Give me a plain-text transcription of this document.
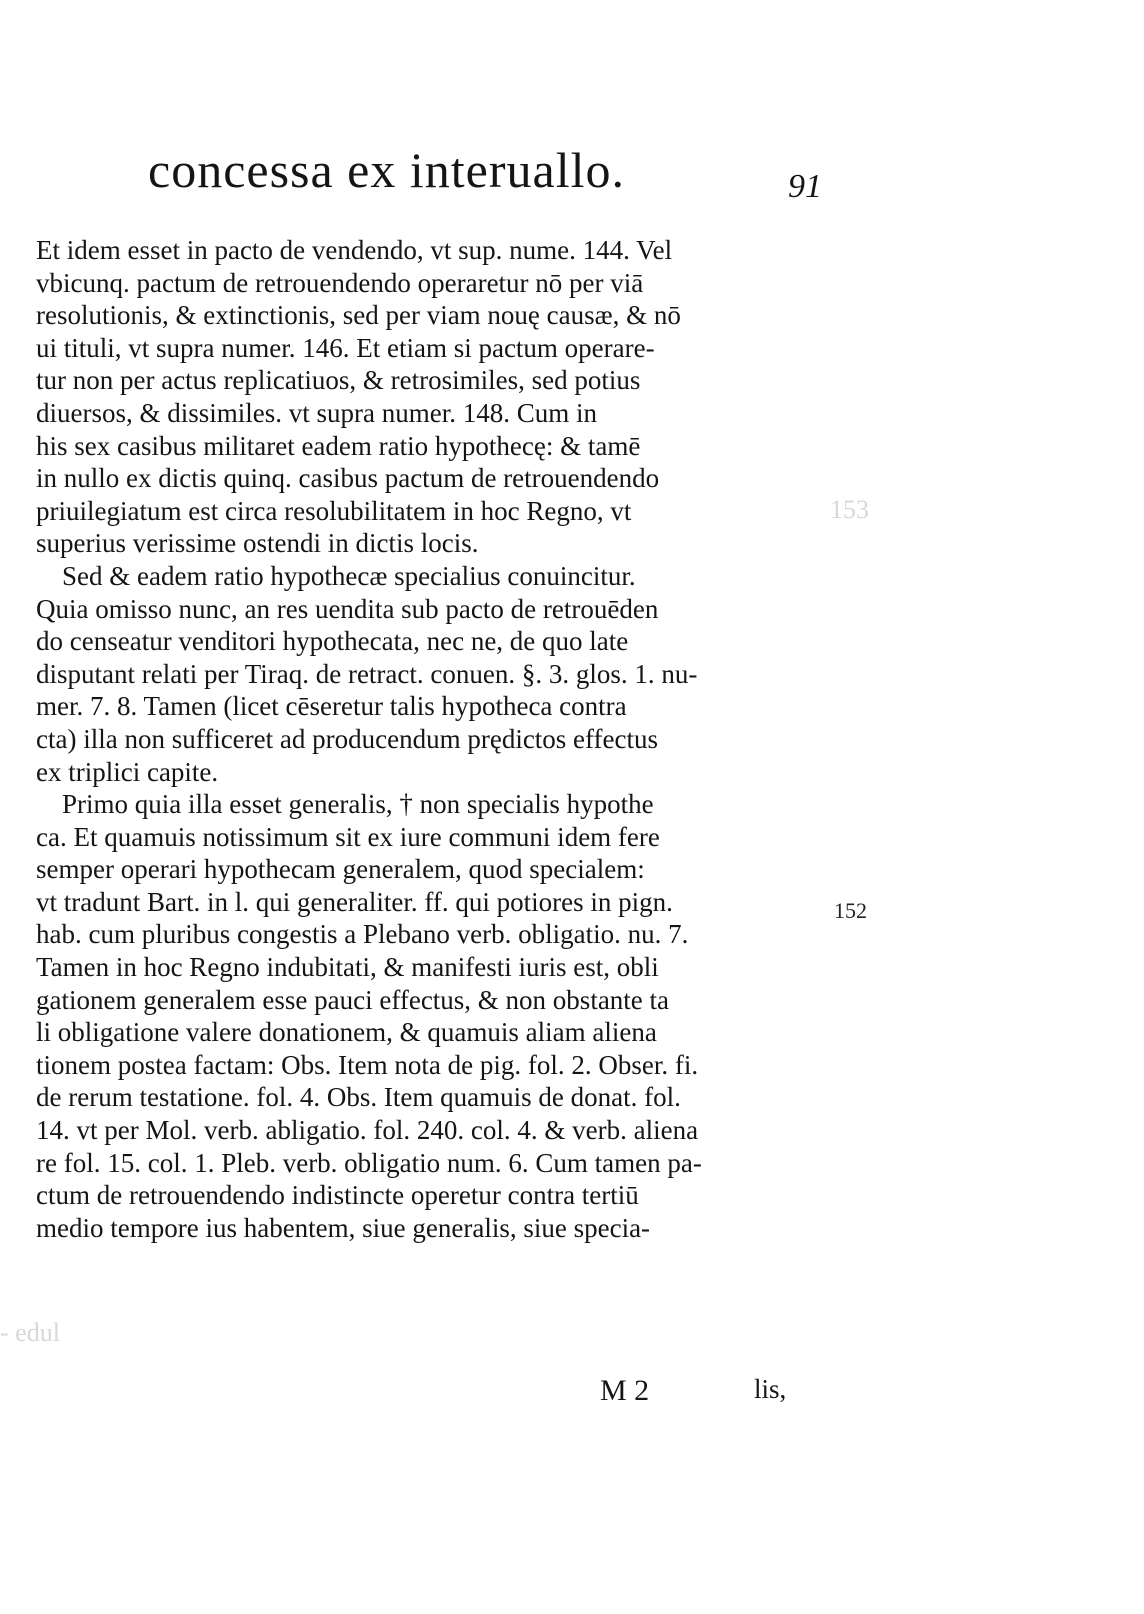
153
- edul
concessa ex interuallo.	91
Et idem esset in pacto de vendendo, vt sup. nume. 144. Vel
vbicunq. pactum de retrouendendo operaretur nō per viā
resolutionis, & extinctionis, sed per viam nouę causæ, & nō
ui tituli, vt supra numer. 146. Et etiam si pactum operare-
tur non per actus replicatiuos, & retrosimiles, sed potius
diuersos, & dissimiles. vt supra numer. 148. Cum in
his sex casibus militaret eadem ratio hypothecę: & tamē
in nullo ex dictis quinq. casibus pactum de retrouendendo
priuilegiatum est circa resolubilitatem in hoc Regno, vt
superius verissime ostendi in dictis locis.
Sed & eadem ratio hypothecæ specialius conuincitur.
Quia omisso nunc, an res uendita sub pacto de retrouēden
do censeatur venditori hypothecata, nec ne, de quo late
disputant relati per Tiraq. de retract. conuen. §. 3. glos. 1. nu-
mer. 7. 8. Tamen (licet cēseretur talis hypotheca contra
cta) illa non sufficeret ad producendum prędictos effectus
ex triplici capite.
Primo quia illa esset generalis, † non specialis hypothe
ca. Et quamuis notissimum sit ex iure communi idem fere
semper operari hypothecam generalem, quod specialem:
vt tradunt Bart. in l. qui generaliter. ff. qui potiores in pign.
hab. cum pluribus congestis a Plebano verb. obligatio. nu. 7.
Tamen in hoc Regno indubitati, & manifesti iuris est, obli
gationem generalem esse pauci effectus, & non obstante ta
li obligatione valere donationem, & quamuis aliam aliena
tionem postea factam: Obs. Item nota de pig. fol. 2. Obser. fi.
de rerum testatione. fol. 4. Obs. Item quamuis de donat. fol.
14. vt per Mol. verb. abligatio. fol. 240. col. 4. & verb. aliena
re fol. 15. col. 1. Pleb. verb. obligatio num. 6. Cum tamen pa-
ctum de retrouendendo indistincte operetur contra tertiū
medio tempore ius habentem, siue generalis, siue specia-
152
M 2	lis,
